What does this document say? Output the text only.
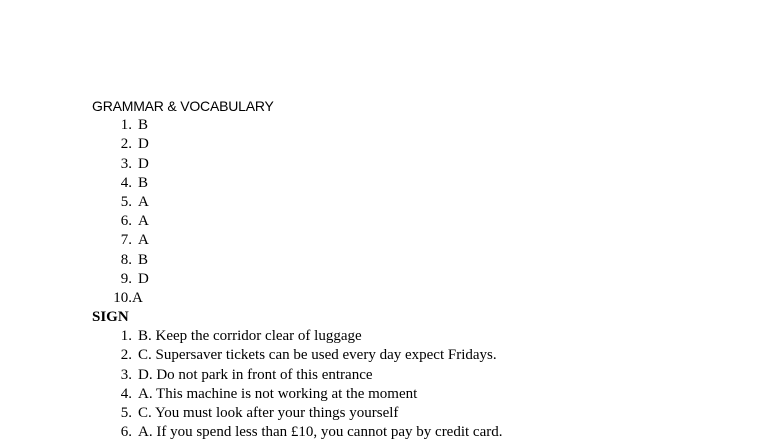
GRAMMAR & VOCABULARY
1. B
2. D
3. D
4. B
5. A
6. A
7. A
8. B
9. D
10. A
SIGN
1. B. Keep the corridor clear of luggage
2. C. Supersaver tickets can be used every day expect Fridays.
3. D. Do not park in front of this entrance
4. A. This machine is not working at the moment
5. C. You must look after your things yourself
6. A. If you spend less than £10, you cannot pay by credit card.
